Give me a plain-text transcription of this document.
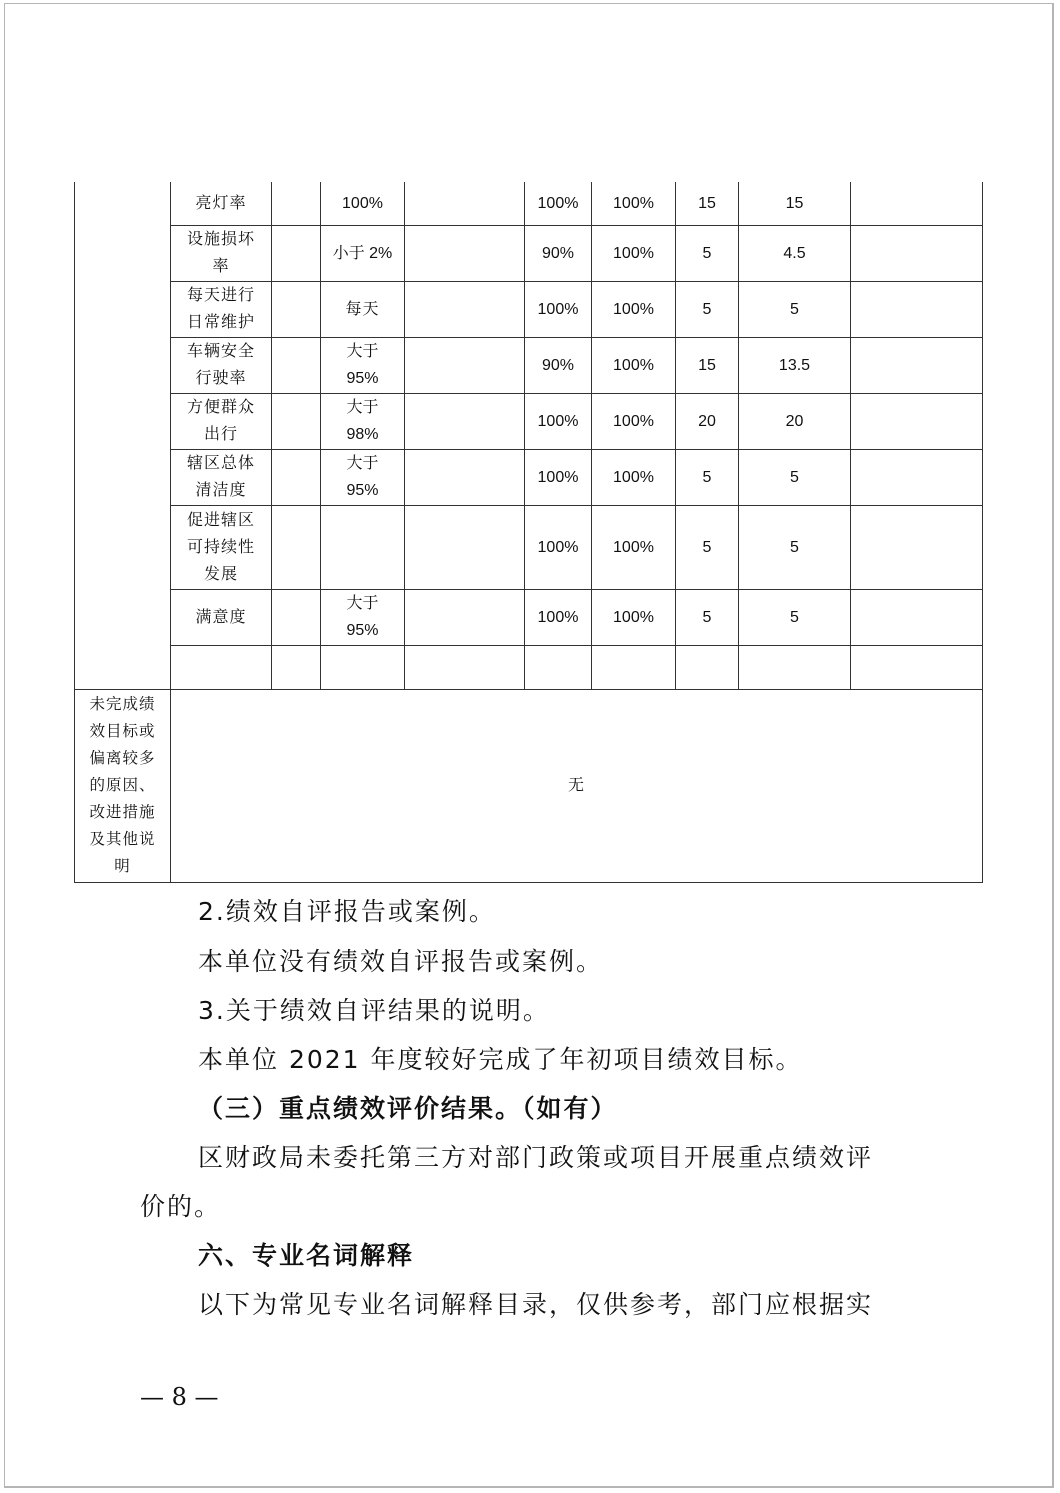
	亮灯率		100%		100%	100%	15	15	
	设施损坏率		小于 2%		90%	100%	5	4.5	
	每天进行日常维护		每天		100%	100%	5	5	
	车辆安全行驶率		大于95%		90%	100%	15	13.5	
	方便群众出行		大于98%		100%	100%	20	20	
	辖区总体清洁度		大于95%		100%	100%	5	5	
	促进辖区可持续性发展				100%	100%	5	5	
	满意度		大于95%		100%	100%	5	5	

未完成绩效目标或偏离较多的原因、改进措施及其他说明	无								

2.绩效自评报告或案例。

本单位没有绩效自评报告或案例。

3.关于绩效自评结果的说明。

本单位 2021 年度较好完成了年初项目绩效目标。

（三）重点绩效评价结果。（如有）

区财政局未委托第三方对部门政策或项目开展重点绩效评

价的。

六、专业名词解释

以下为常见专业名词解释目录，仅供参考，部门应根据实

— 8 —
